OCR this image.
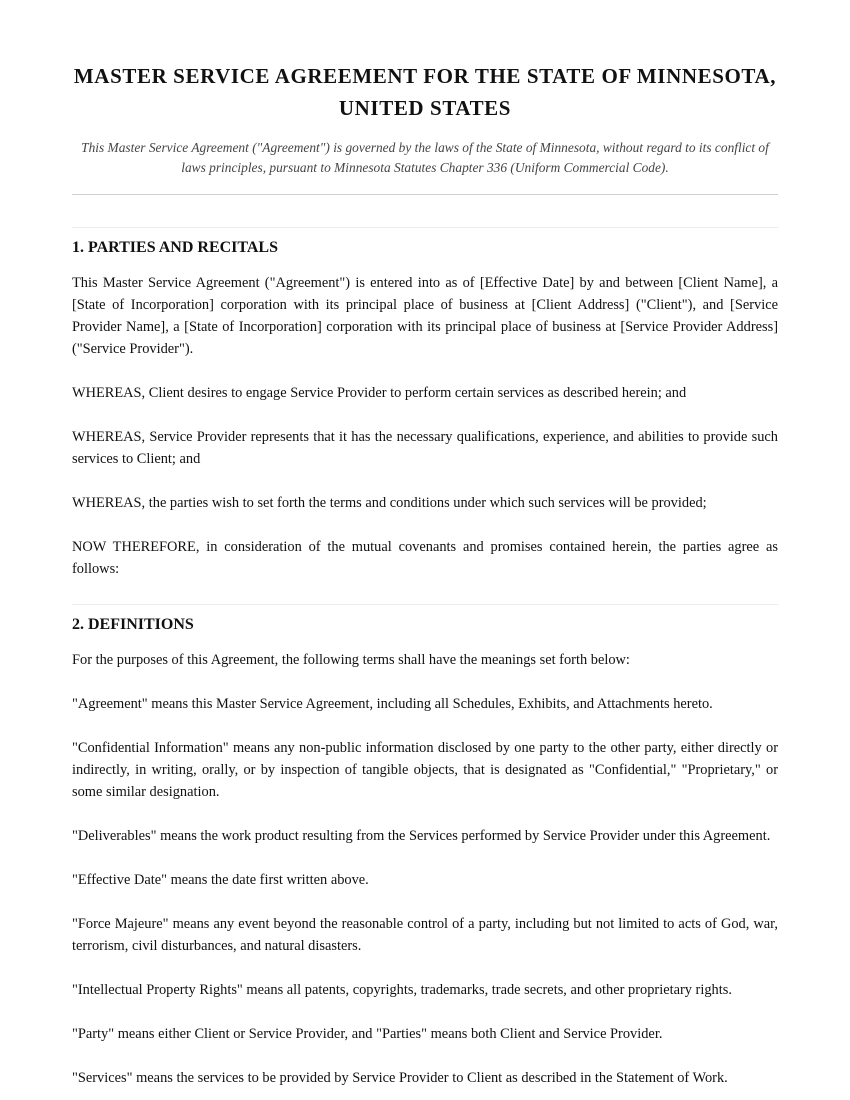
MASTER SERVICE AGREEMENT FOR THE STATE OF MINNESOTA, UNITED STATES

This Master Service Agreement ("Agreement") is governed by the laws of the State of Minnesota, without regard to its conflict of laws principles, pursuant to Minnesota Statutes Chapter 336 (Uniform Commercial Code).

1. PARTIES AND RECITALS

This Master Service Agreement ("Agreement") is entered into as of [Effective Date] by and between [Client Name], a [State of Incorporation] corporation with its principal place of business at [Client Address] ("Client"), and [Service Provider Name], a [State of Incorporation] corporation with its principal place of business at [Service Provider Address] ("Service Provider").

WHEREAS, Client desires to engage Service Provider to perform certain services as described herein; and

WHEREAS, Service Provider represents that it has the necessary qualifications, experience, and abilities to provide such services to Client; and

WHEREAS, the parties wish to set forth the terms and conditions under which such services will be provided;

NOW THEREFORE, in consideration of the mutual covenants and promises contained herein, the parties agree as follows:

2. DEFINITIONS

For the purposes of this Agreement, the following terms shall have the meanings set forth below:

"Agreement" means this Master Service Agreement, including all Schedules, Exhibits, and Attachments hereto.

"Confidential Information" means any non-public information disclosed by one party to the other party, either directly or indirectly, in writing, orally, or by inspection of tangible objects, that is designated as "Confidential," "Proprietary," or some similar designation.

"Deliverables" means the work product resulting from the Services performed by Service Provider under this Agreement.

"Effective Date" means the date first written above.

"Force Majeure" means any event beyond the reasonable control of a party, including but not limited to acts of God, war, terrorism, civil disturbances, and natural disasters.

"Intellectual Property Rights" means all patents, copyrights, trademarks, trade secrets, and other proprietary rights.

"Party" means either Client or Service Provider, and "Parties" means both Client and Service Provider.

"Services" means the services to be provided by Service Provider to Client as described in the Statement of Work.
